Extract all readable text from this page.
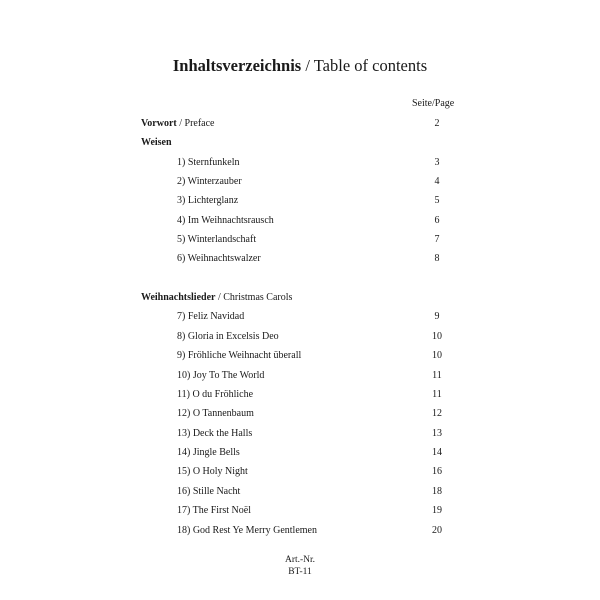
Inhaltsverzeichnis / Table of contents
Seite/Page
Vorwort / Preface	2
Weisen
1) Sternfunkeln	3
2) Winterzauber	4
3) Lichterglanz	5
4) Im Weihnachtsrausch	6
5) Winterlandschaft	7
6) Weihnachtswalzer	8
Weihnachtslieder / Christmas Carols
7) Feliz Navidad	9
8) Gloria in Excelsis Deo	10
9) Fröhliche Weihnacht überall	10
10) Joy To The World	11
11) O du Fröhliche	11
12) O Tannenbaum	12
13) Deck the Halls	13
14) Jingle Bells	14
15) O Holy Night	16
16) Stille Nacht	18
17) The First Noël	19
18) God Rest Ye Merry Gentlemen	20
Art.-Nr.
BT-11
